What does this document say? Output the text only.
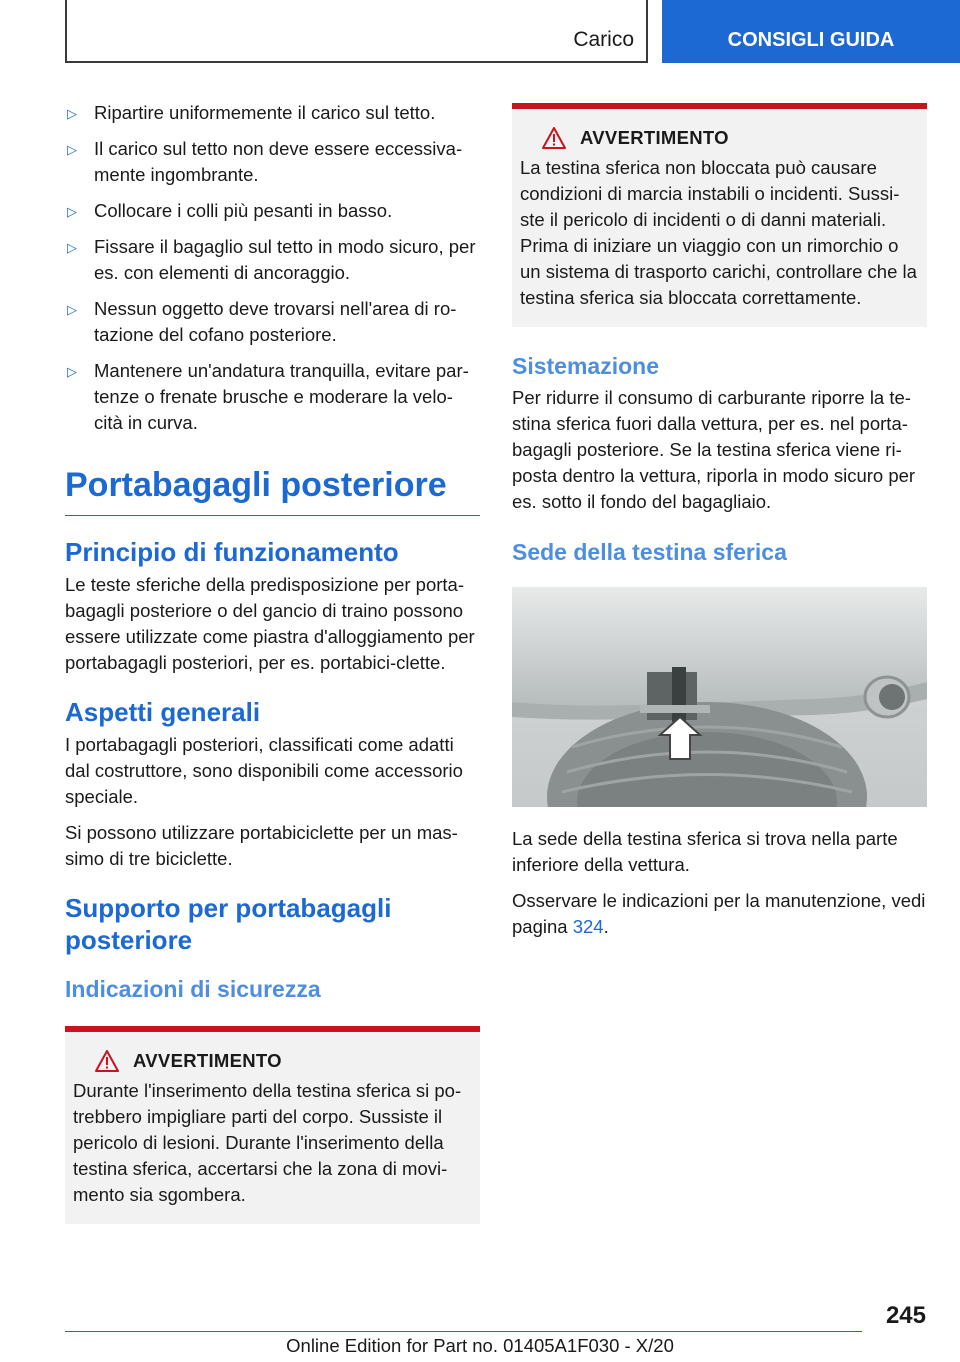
Carico	CONSIGLI GUIDA
▷ Ripartire uniformemente il carico sul tetto.
▷ Il carico sul tetto non deve essere eccessiva-mente ingombrante.
▷ Collocare i colli più pesanti in basso.
▷ Fissare il bagaglio sul tetto in modo sicuro, per es. con elementi di ancoraggio.
▷ Nessun oggetto deve trovarsi nell'area di ro-tazione del cofano posteriore.
▷ Mantenere un'andatura tranquilla, evitare par-tenze o frenate brusche e moderare la velo-cità in curva.
Portabagagli posteriore
Principio di funzionamento

Le teste sferiche della predisposizione per porta-bagagli posteriore o del gancio di traino possono essere utilizzate come piastra d'alloggiamento per portabagagli posteriori, per es. portabici-clette.

Aspetti generali

I portabagagli posteriori, classificati come adatti dal costruttore, sono disponibili come accessorio speciale.

Si possono utilizzare portabiciclette per un mas-simo di tre biciclette.

Supporto per portabagagli posteriore
Indicazioni di sicurezza
AVVERTIMENTO
Durante l'inserimento della testina sferica si po-trebbero impigliare parti del corpo. Sussiste il pericolo di lesioni. Durante l'inserimento della testina sferica, accertarsi che la zona di movi-mento sia sgombera.
AVVERTIMENTO
La testina sferica non bloccata può causare condizioni di marcia instabili o incidenti. Sussi-ste il pericolo di incidenti o di danni materiali. Prima di iniziare un viaggio con un rimorchio o un sistema di trasporto carichi, controllare che la testina sferica sia bloccata correttamente.
Sistemazione

Per ridurre il consumo di carburante riporre la te-stina sferica fuori dalla vettura, per es. nel porta-bagagli posteriore. Se la testina sferica viene ri-posta dentro la vettura, riporla in modo sicuro per es. sotto il fondo del bagagliaio.

Sede della testina sferica

La sede della testina sferica si trova nella parte inferiore della vettura.

Osservare le indicazioni per la manutenzione, vedi pagina 324.

245
Online Edition for Part no. 01405A1F030 - X/20
